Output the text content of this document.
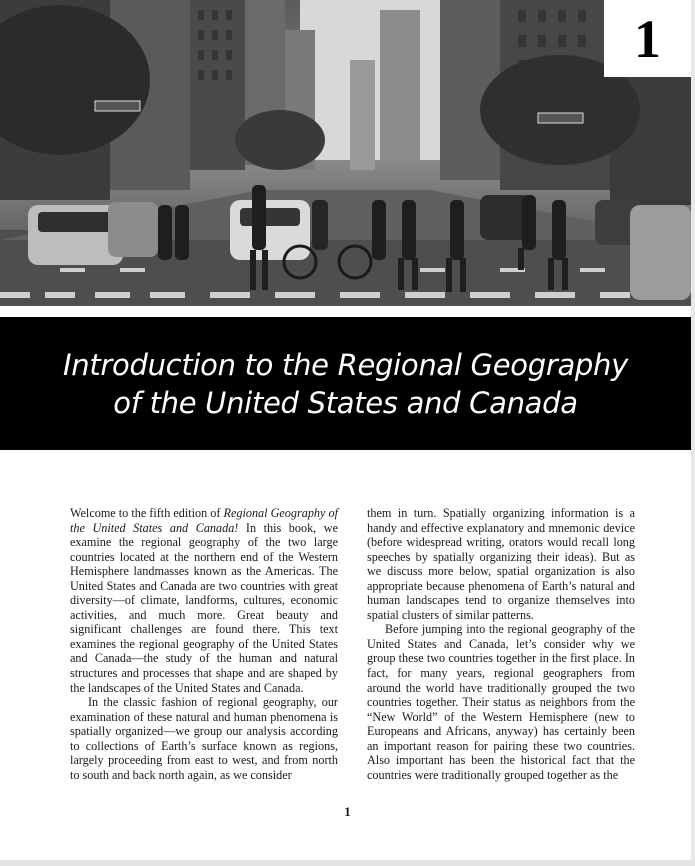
1
Introduction to the Regional Geography
of the United States and Canada

Welcome to the fifth edition of Regional Geography of the United States and Canada! In this book, we examine the regional geography of the two large countries located at the northern end of the Western Hemisphere landmasses known as the Americas. The United States and Canada are two countries with great diversity—of climate, landforms, cultures, economic activities, and much more. Great beauty and significant challenges are found there. This text examines the regional geography of the United States and Canada—the study of the human and natural structures and processes that shape and are shaped by the landscapes of the United States and Canada.

In the classic fashion of regional geography, our examination of these natural and human phenomena is spatially organized—we group our analysis according to collections of Earth’s surface known as regions, largely proceeding from east to west, and from north to south and back north again, as we consider

them in turn. Spatially organizing information is a handy and effective explanatory and mnemonic device (before widespread writing, orators would recall long speeches by spatially organizing their ideas). But as we discuss more below, spatial organization is also appropriate because phenomena of Earth’s natural and human landscapes tend to organize themselves into spatial clusters of similar patterns.

Before jumping into the regional geography of the United States and Canada, let’s consider why we group these two countries together in the first place. In fact, for many years, regional geographers from around the world have traditionally grouped the two countries together. Their status as neighbors from the “New World” of the Western Hemisphere (new to Europeans and Africans, anyway) has certainly been an important reason for pairing these two countries. Also important has been the historical fact that the countries were traditionally grouped together as the

1
